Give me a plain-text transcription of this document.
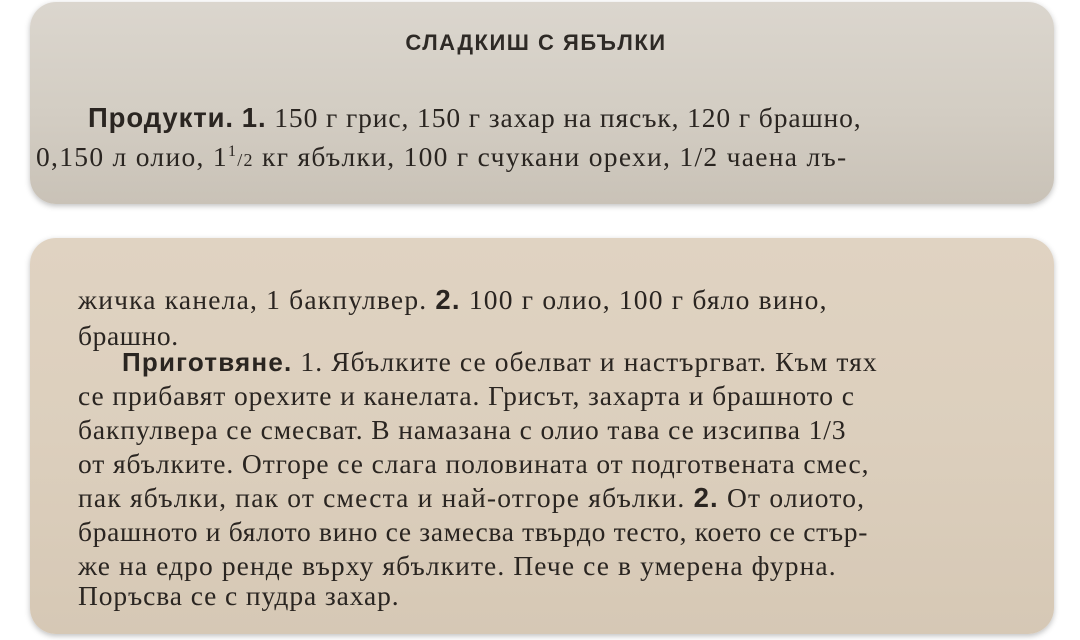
СЛАДКИШ С ЯБЪЛКИ
Продукти. 1. 150 г грис, 150 г захар на пясък, 120 г брашно,
0,150 л олио, $1^1/2$ кг ябълки, 100 г счукани орехи, 1/2 чаена лъ-
жичка канела, 1 бакпулвер. 2. 100 г олио, 100 г бяло вино,
брашно.
Приготвяне. 1. Ябълките се обелват и настъргват. Към тях
се прибавят орехите и канелата. Грисът, захарта и брашното с
бакпулвера се смесват. В намазана с олио тава се изсипва 1/3
от ябълките. Отгоре се слага половината от подготвената смес,
пак ябълки, пак от сместа и най-отгоре ябълки. 2. От олиото,
брашното и бялото вино се замесва твърдо тесто, което се стър-
же на едро ренде върху ябълките. Пече се в умерена фурна.
Поръсва се с пудра захар.
